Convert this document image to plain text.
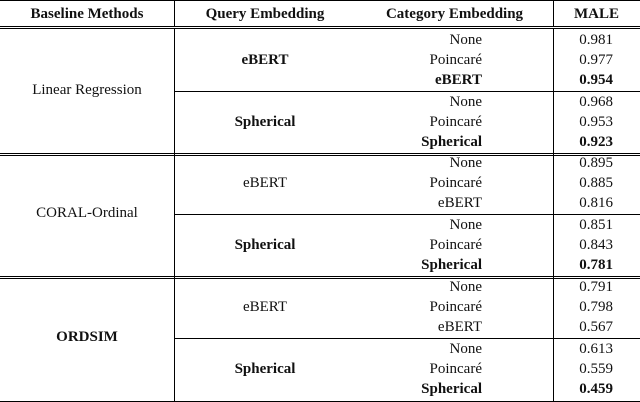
Baseline Methods	Query Embedding	Category Embedding	MALE
Linear Regression
eBERT
None	0.981
Poincaré	0.977
eBERT	0.954
Spherical
None	0.968
Poincaré	0.953
Spherical	0.923
CORAL-Ordinal
eBERT
None	0.895
Poincaré	0.885
eBERT	0.816
Spherical
None	0.851
Poincaré	0.843
Spherical	0.781
ORDSIM
eBERT
None	0.791
Poincaré	0.798
eBERT	0.567
Spherical
None	0.613
Poincaré	0.559
Spherical	0.459
